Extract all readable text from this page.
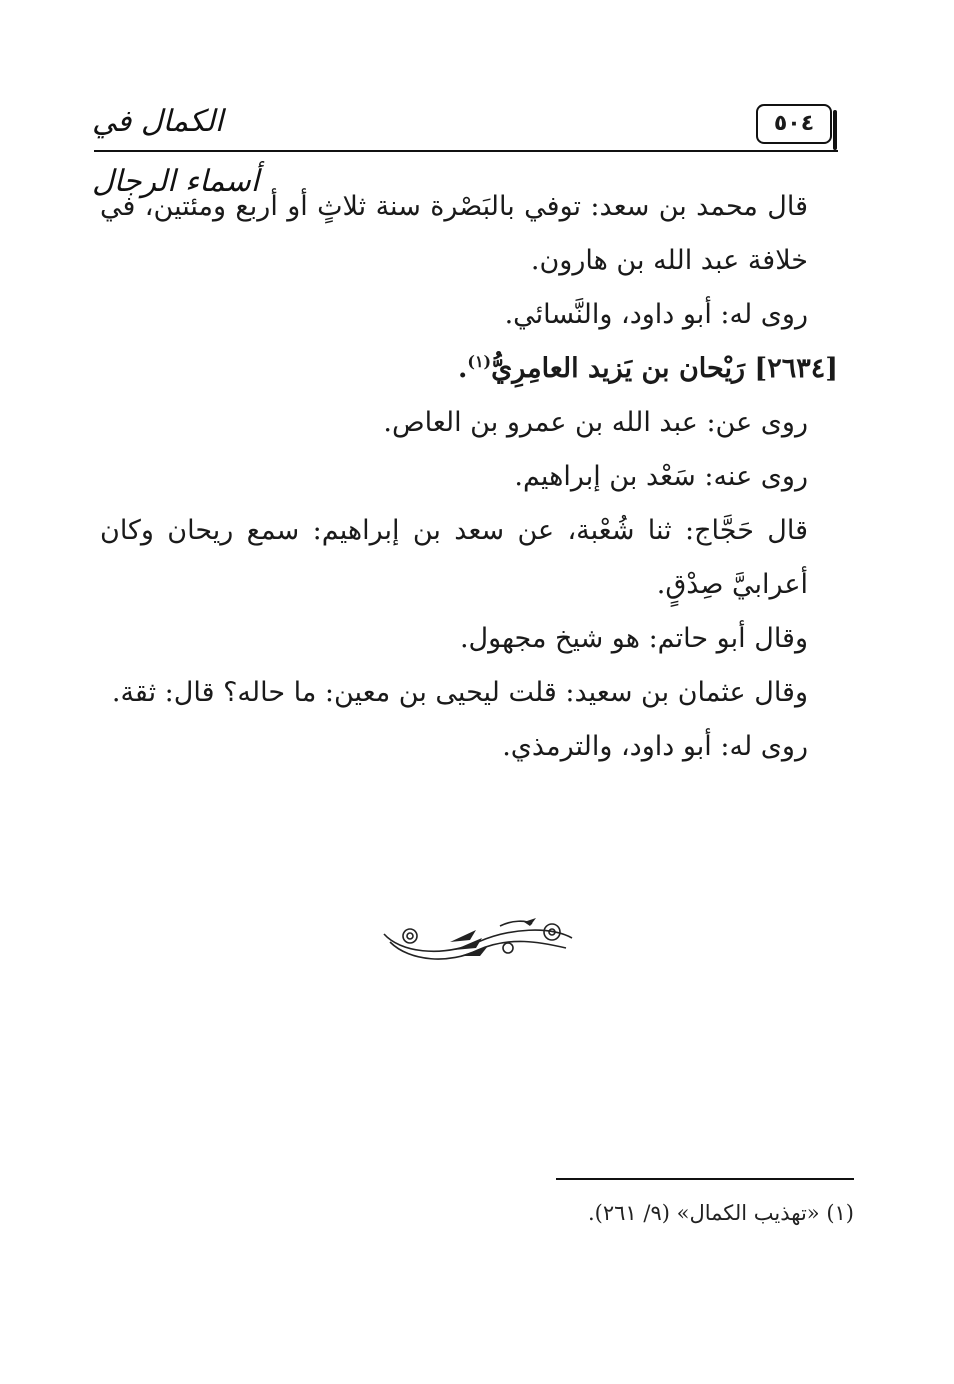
الكمال في أسماء الرجال
٥٠٤

قال محمد بن سعد: توفي بالبَصْرة سنة ثلاثٍ أو أربع ومئتين، في خلافة عبد الله بن هارون.

روى له: أبو داود، والنَّسائي.

[٢٦٣٤] رَيْحان بن يَزيد العامِرِيُّ$^{(١)}$.

روى عن: عبد الله بن عمرو بن العاص.

روى عنه: سَعْد بن إبراهيم.

قال حَجَّاج: ثنا شُعْبة، عن سعد بن إبراهيم: سمع ريحان وكان أعرابيَّ صِدْقٍ.

وقال أبو حاتم: هو شيخ مجهول.

وقال عثمان بن سعيد: قلت ليحيى بن معين: ما حاله؟ قال: ثقة.

روى له: أبو داود، والترمذي.

(١) «تهذيب الكمال» (٩/ ٢٦١).
